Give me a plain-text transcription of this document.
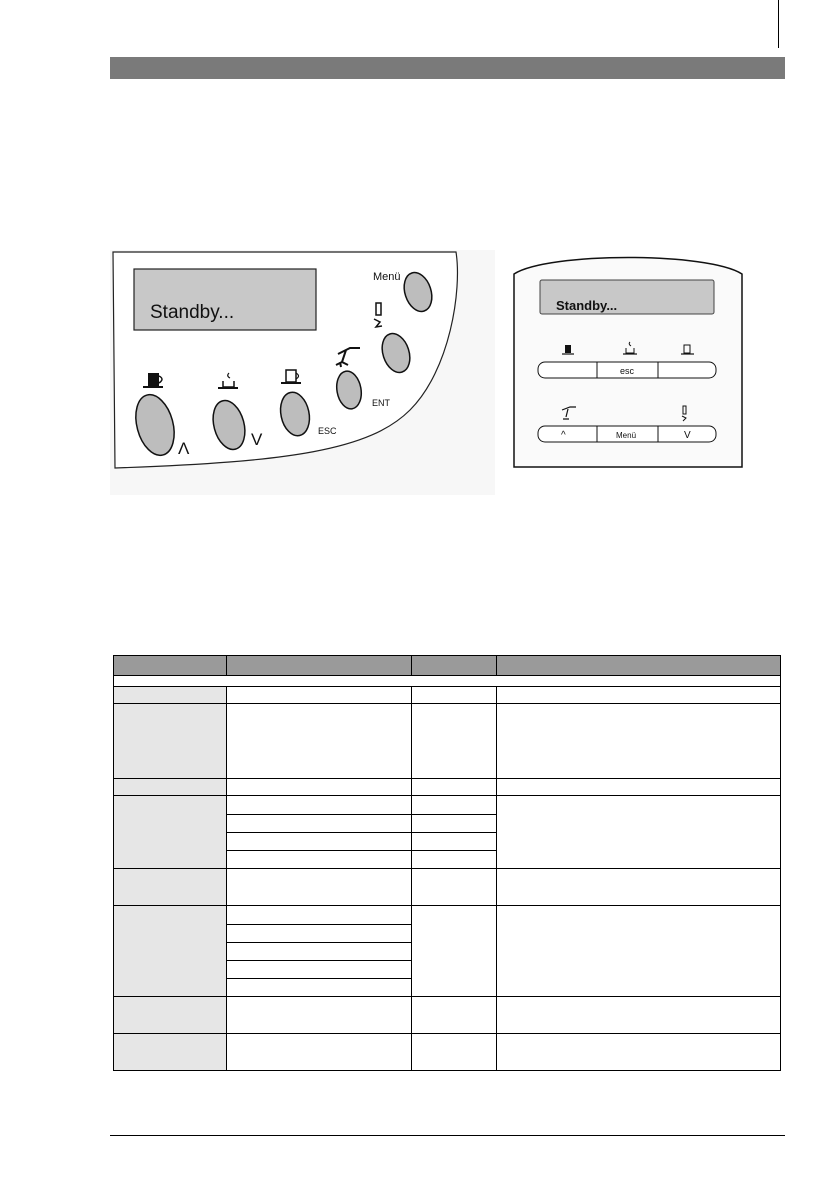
Standby...
Menü
ENT
Λ	V	ESC
Standby...
esc
^	Menü	V
